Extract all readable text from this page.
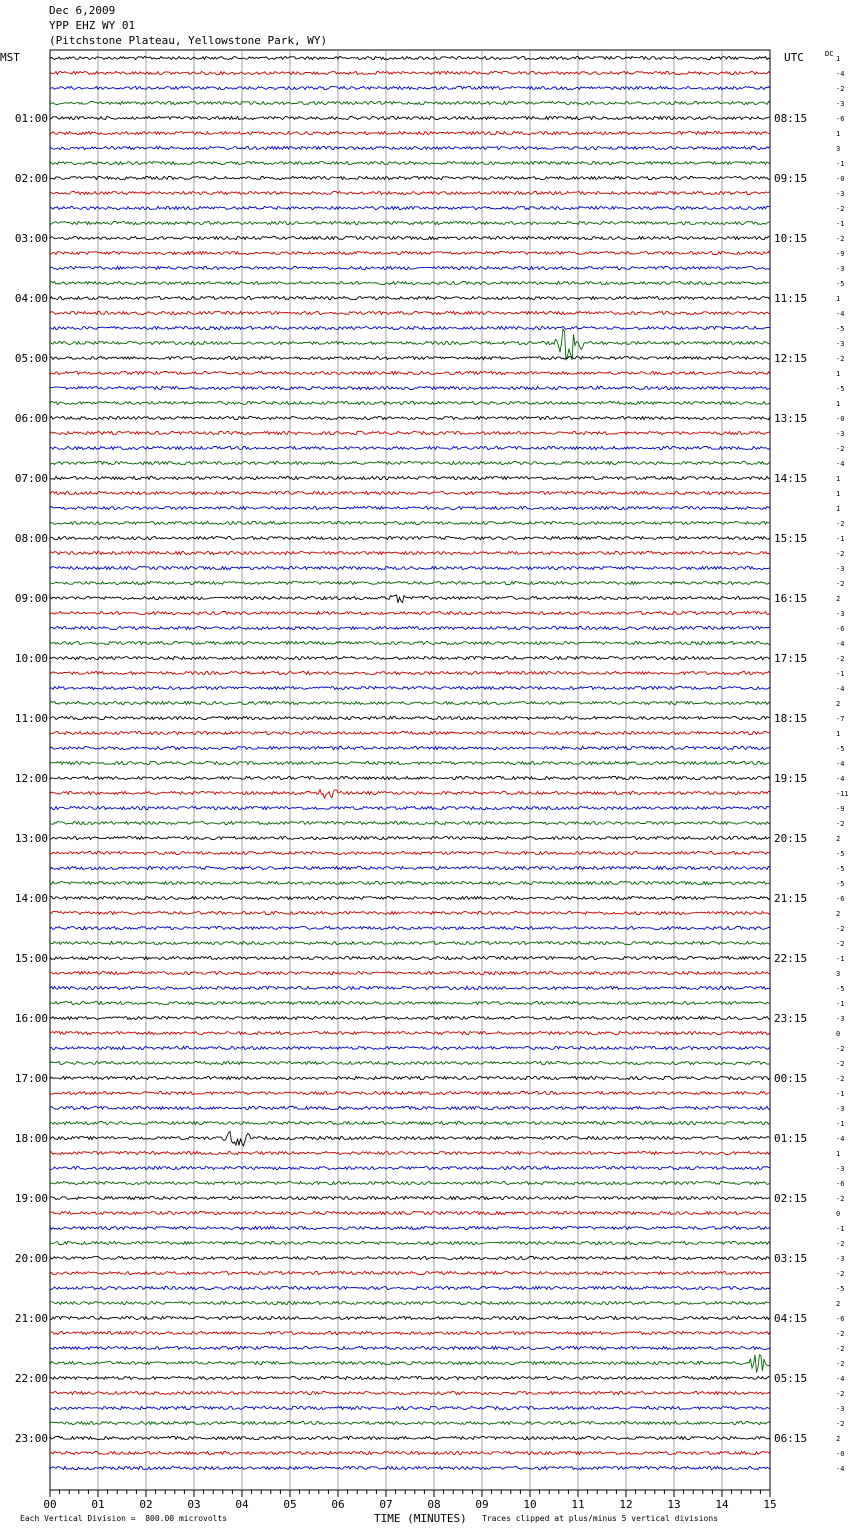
Dec 6,2009
YPP EHZ WY 01
(Pitchstone Plateau, Yellowstone Park, WY)
1
-4
-2
-3
-6
1
3
-1
-0
-3
-2
-1
-2
-9
-3
-5
1
-4
-5
-3
-2
1
-5
1
-0
-3
-2
-4
1
1
1
-2
-1
-2
-3
-2
2
-3
-6
-4
-2
-1
-4
2
-7
1
-5
-4
-4
-11
-9
-2
2
-5
-5
-5
-6
2
-2
-2
-1
3
-5
-1
-3
0
-2
-2
-2
-1
-3
-1
-4
1
-3
-6
-2
0
-1
-2
-3
-2
-5
2
-6
-2
-2
-2
-4
-2
-3
-2
2
-0
-4
MST	UTC	DC
01:00
02:00
03:00
04:00
05:00
06:00
07:00
08:00
09:00
10:00
11:00
12:00
13:00
14:00
15:00
16:00
17:00
18:00
19:00
20:00
21:00
22:00
23:00
08:15
09:15
10:15
11:15
12:15
13:15
14:15
15:15
16:15
17:15
18:15
19:15
20:15
21:15
22:15
23:15
00:15
01:15
02:15
03:15
04:15
05:15
06:15
00	01	02	03	04	05	06	07	08	09	10	11	12	13	14	15
Each Vertical Division =  800.00 microvolts	TIME (MINUTES) Traces clipped at plus/minus 5 vertical divisions
